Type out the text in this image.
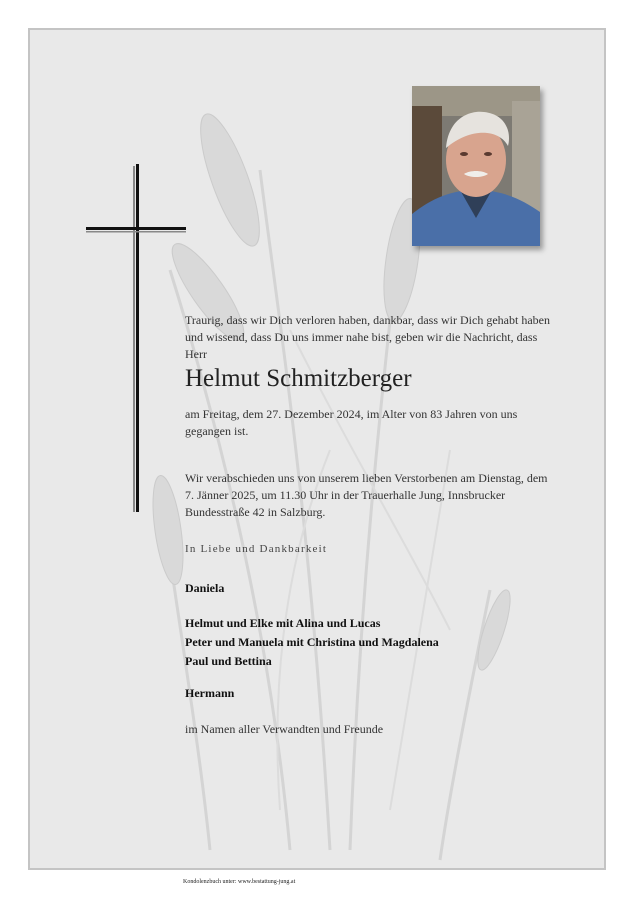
Traurig, dass wir Dich verloren haben, dankbar, dass wir Dich gehabt haben und wissend, dass Du uns immer nahe bist, geben wir die Nachricht, dass Herr
Helmut Schmitzberger
am Freitag, dem 27. Dezember 2024, im Alter von 83 Jahren von uns gegangen ist.
Wir verabschieden uns von unserem lieben Verstorbenen am Dienstag, dem 7. Jänner 2025, um 11.30 Uhr in der Trauerhalle Jung, Innsbrucker Bundesstraße 42 in Salzburg.
In Liebe und Dankbarkeit
Daniela
Helmut und Elke mit Alina und Lucas
Peter und Manuela mit Christina und Magdalena
Paul und Bettina
Hermann
im Namen aller Verwandten und Freunde
Kondolenzbuch unter: www.bestattung-jung.at
